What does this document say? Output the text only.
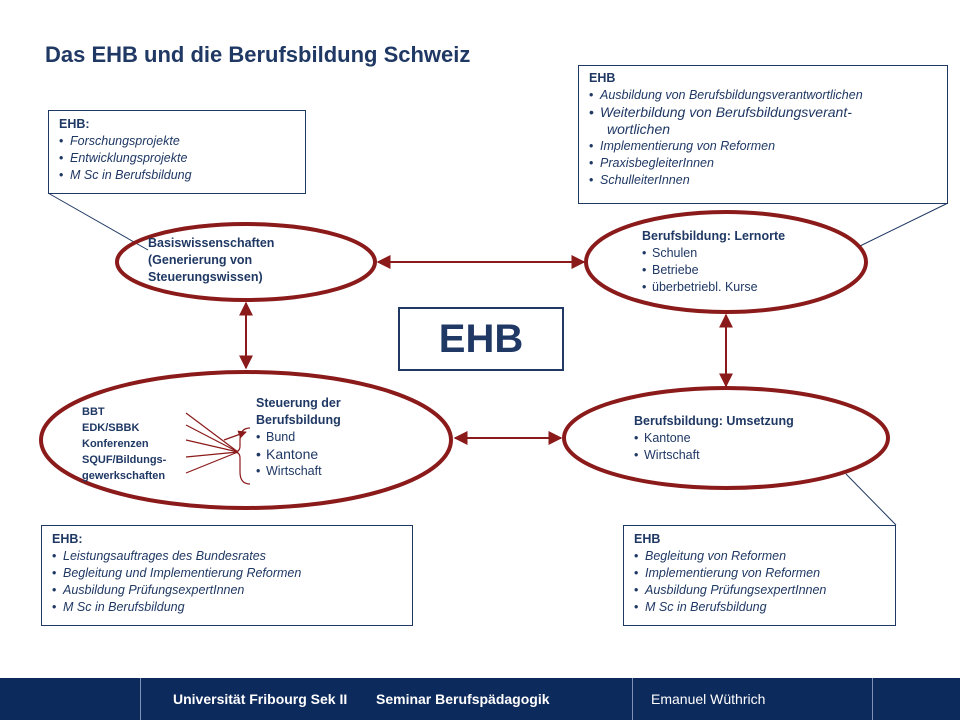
Das EHB und die Berufsbildung Schweiz
EHB:
• Forschungsprojekte
• Entwicklungsprojekte
• M Sc in Berufsbildung
EHB
• Ausbildung von Berufsbildungsverantwortlichen
• Weiterbildung von Berufsbildungsverant-
wortlichen
• Implementierung von Reformen
• PraxisbegleiterInnen
• SchulleiterInnen
EHB:
• Leistungsauftrages des Bundesrates
• Begleitung und Implementierung Reformen
• Ausbildung PrüfungsexpertInnen
• M Sc in Berufsbildung
EHB
• Begleitung von Reformen
• Implementierung von Reformen
• Ausbildung PrüfungsexpertInnen
• M Sc in Berufsbildung
Basiswissenschaften
(Generierung von
Steuerungswissen)
Berufsbildung: Lernorte
• Schulen
• Betriebe
• überbetriebl. Kurse
BBT
EDK/SBBK
Konferenzen
SQUF/Bildungs-
gewerkschaften
Steuerung der
Berufsbildung
• Bund
• Kantone
• Wirtschaft
Berufsbildung: Umsetzung
• Kantone
• Wirtschaft
EHB
Universität Fribourg Sek II Seminar Berufspädagogik	Emanuel Wüthrich
